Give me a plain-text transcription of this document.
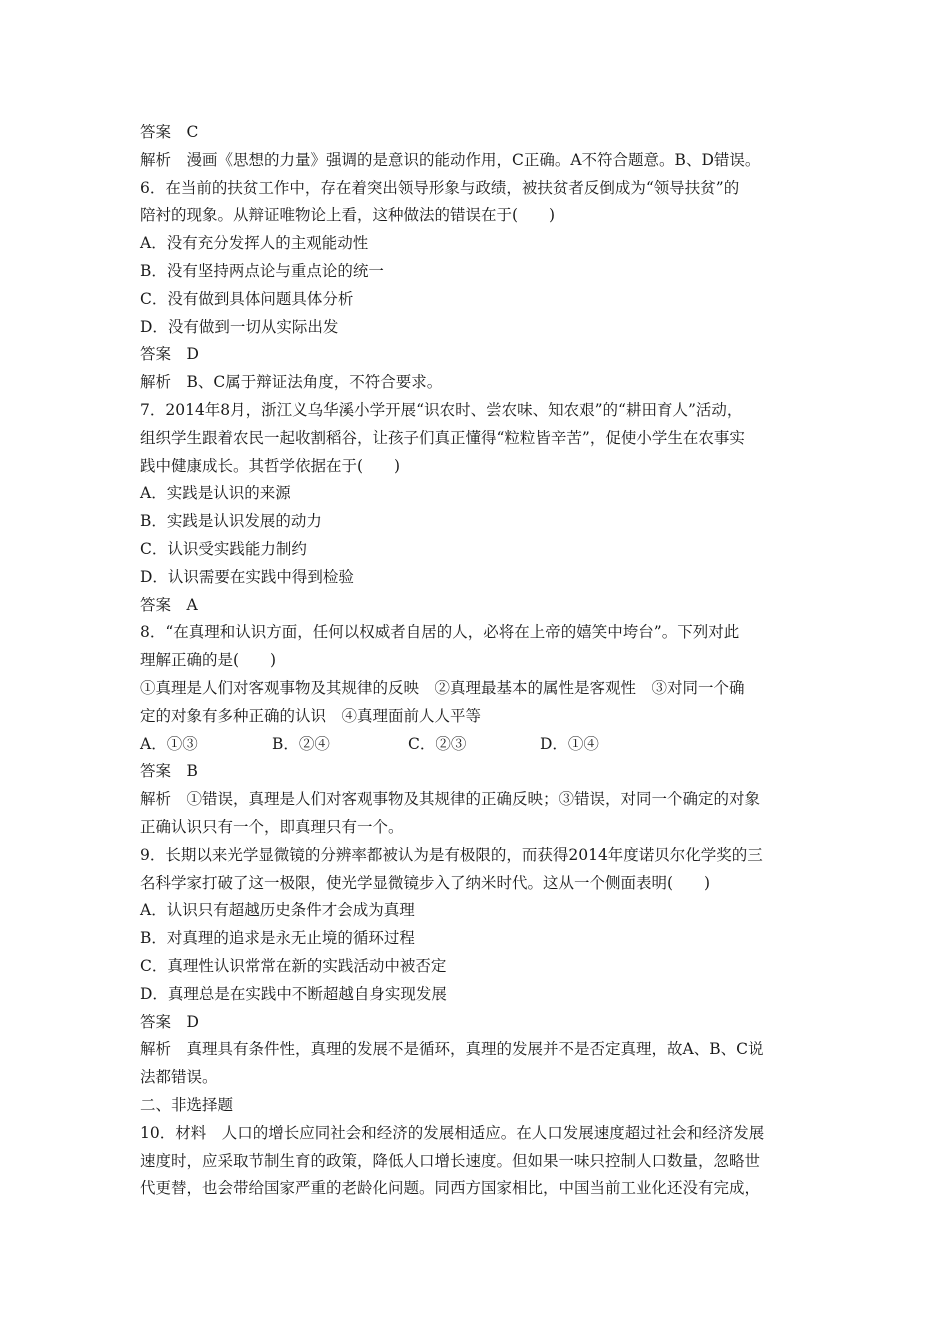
答案　C
解析　漫画《思想的力量》强调的是意识的能动作用，C正确。A不符合题意。B、D错误。
6．在当前的扶贫工作中，存在着突出领导形象与政绩，被扶贫者反倒成为“领导扶贫”的
陪衬的现象。从辩证唯物论上看，这种做法的错误在于(　　)
A．没有充分发挥人的主观能动性
B．没有坚持两点论与重点论的统一
C．没有做到具体问题具体分析
D．没有做到一切从实际出发
答案　D
解析　B、C属于辩证法角度，不符合要求。
7．2014年8月，浙江义乌华溪小学开展“识农时、尝农味、知农艰”的“耕田育人”活动，
组织学生跟着农民一起收割稻谷，让孩子们真正懂得“粒粒皆辛苦”，促使小学生在农事实
践中健康成长。其哲学依据在于(　　)
A．实践是认识的来源
B．实践是认识发展的动力
C．认识受实践能力制约
D．认识需要在实践中得到检验
答案　A
8．“在真理和认识方面，任何以权威者自居的人，必将在上帝的嬉笑中垮台”。下列对此
理解正确的是(　　)
①真理是人们对客观事物及其规律的反映　②真理最基本的属性是客观性　③对同一个确
定的对象有多种正确的认识　④真理面前人人平等
A．①③	B．②④	C．②③	D．①④
答案　B
解析　①错误，真理是人们对客观事物及其规律的正确反映；③错误，对同一个确定的对象
正确认识只有一个，即真理只有一个。
9．长期以来光学显微镜的分辨率都被认为是有极限的，而获得2014年度诺贝尔化学奖的三
名科学家打破了这一极限，使光学显微镜步入了纳米时代。这从一个侧面表明(　　)
A．认识只有超越历史条件才会成为真理
B．对真理的追求是永无止境的循环过程
C．真理性认识常常在新的实践活动中被否定
D．真理总是在实践中不断超越自身实现发展
答案　D
解析　真理具有条件性，真理的发展不是循环，真理的发展并不是否定真理，故A、B、C说
法都错误。
二、非选择题
10．材料　人口的增长应同社会和经济的发展相适应。在人口发展速度超过社会和经济发展
速度时，应采取节制生育的政策，降低人口增长速度。但如果一味只控制人口数量，忽略世
代更替，也会带给国家严重的老龄化问题。同西方国家相比，中国当前工业化还没有完成，
